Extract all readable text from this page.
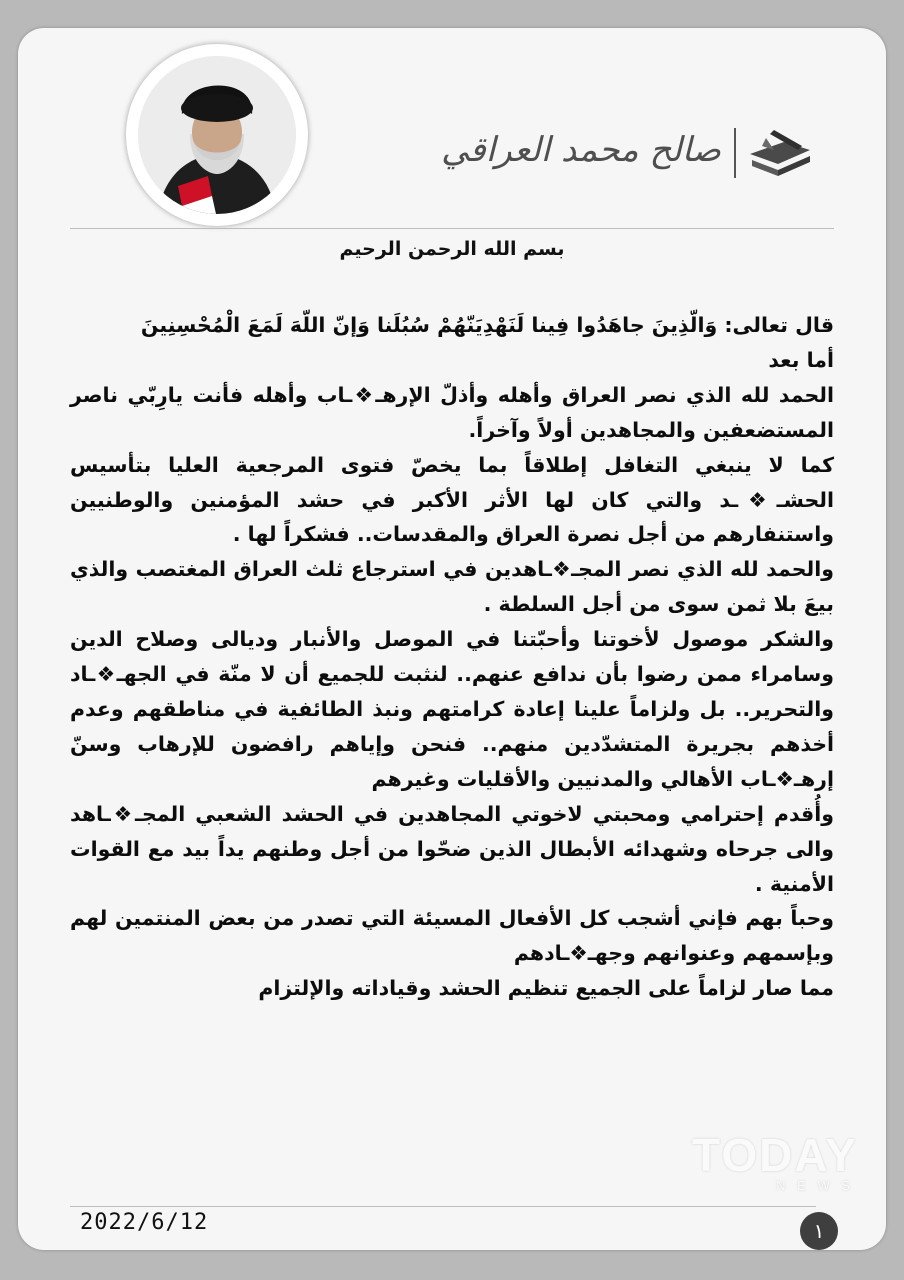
صالح محمد العراقي
بسم الله الرحمن الرحيم

قال تعالى: وَالّذِينَ جاهَدُوا فِينا لَنَهْدِيَنّهُمْ سُبُلَنا وَإنّ اللّهَ لَمَعَ الْمُحْسِنِينَ

أما بعد

الحمد لله الذي نصر العراق وأهله وأذلّ الإرهـ❖ـاب وأهله فأنت يارِبّي ناصر المستضعفين والمجاهدين أولاً وآخراً.

كما لا ينبغي التغافل إطلاقاً بما يخصّ فتوى المرجعية العليا بتأسيس الحشـ❖ـد والتي كان لها الأثر الأكبر في حشد المؤمنين والوطنيين واستنفارهم من أجل نصرة العراق والمقدسات.. فشكراً لها .

والحمد لله الذي نصر المجـ❖ـاهدين في استرجاع ثلث العراق المغتصب والذي بيعَ بلا ثمن سوى من أجل السلطة .

والشكر موصول لأخوتنا وأحبّتنا في الموصل والأنبار وديالى وصلاح الدين وسامراء ممن رضوا بأن ندافع عنهم.. لنثبت للجميع أن لا منّة في الجهـ❖ـاد والتحرير.. بل ولزاماً علينا إعادة كرامتهم ونبذ الطائفية في مناطقهم وعدم أخذهم بجريرة المتشدّدين منهم.. فنحن وإياهم رافضون للإرهاب وسنّ إرهـ❖ـاب الأهالي والمدنيين والأقليات وغيرهم

وأُقدم إحترامي ومحبتي لاخوتي المجاهدين في الحشد الشعبي المجـ❖ـاهد والى جرحاه وشهدائه الأبطال الذين ضحّوا من أجل وطنهم يداً بيد مع القوات الأمنية .

وحباً بهم فإني أشجب كل الأفعال المسيئة التي تصدر من بعض المنتمين لهم وبإسمهم وعنوانهم وجهـ❖ـادهم

مما صار لزاماً على الجميع تنظيم الحشد وقياداته والإلتزام

TODAY
N E W S
2022/6/12	١
